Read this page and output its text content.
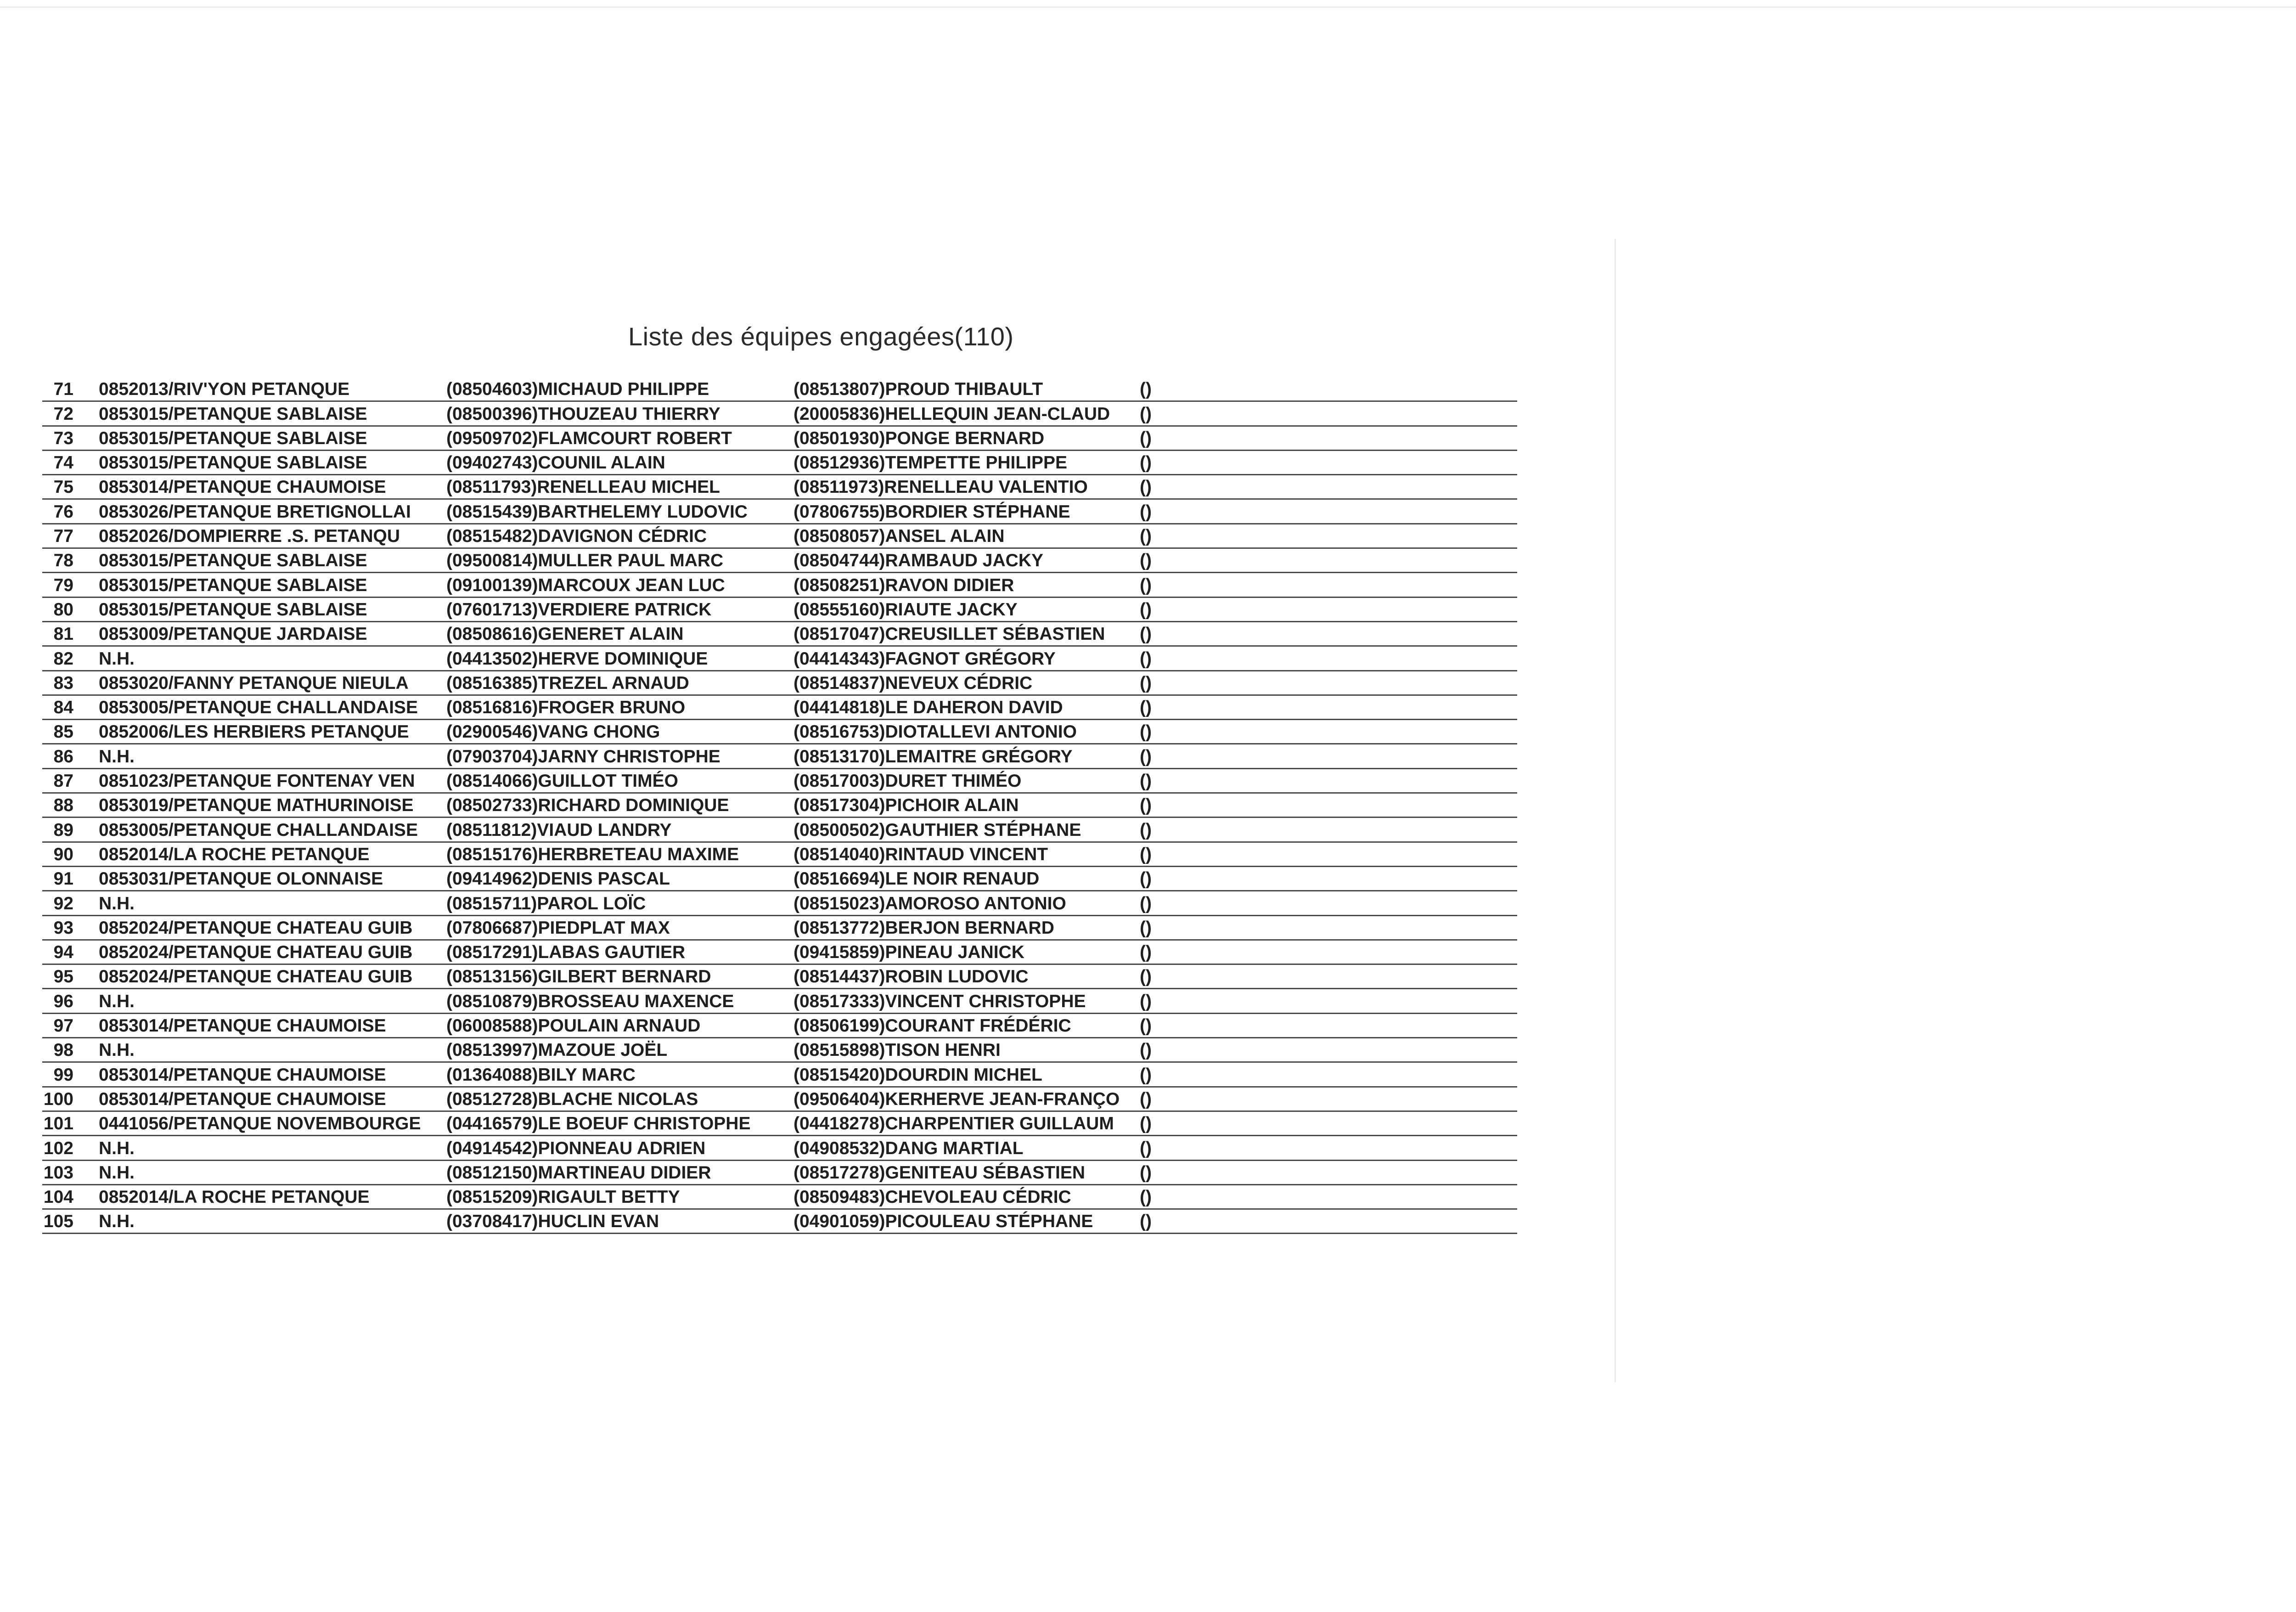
Liste des équipes engagées(110)
71 0852013/RIV'YON PETANQUE	(08504603)MICHAUD PHILIPPE	(08513807)PROUD THIBAULT	()
72 0853015/PETANQUE SABLAISE	(08500396)THOUZEAU THIERRY	(20005836)HELLEQUIN JEAN-CLAUD ()
73 0853015/PETANQUE SABLAISE	(09509702)FLAMCOURT ROBERT	(08501930)PONGE BERNARD	()
74 0853015/PETANQUE SABLAISE	(09402743)COUNIL ALAIN	(08512936)TEMPETTE PHILIPPE	()
75 0853014/PETANQUE CHAUMOISE	(08511793)RENELLEAU MICHEL	(08511973)RENELLEAU VALENTIO	()
76 0853026/PETANQUE BRETIGNOLLAI (08515439)BARTHELEMY LUDOVIC	(07806755)BORDIER STÉPHANE	()
77 0852026/DOMPIERRE .S. PETANQU	(08515482)DAVIGNON CÉDRIC	(08508057)ANSEL ALAIN	()
78 0853015/PETANQUE SABLAISE	(09500814)MULLER PAUL MARC	(08504744)RAMBAUD JACKY	()
79 0853015/PETANQUE SABLAISE	(09100139)MARCOUX JEAN LUC	(08508251)RAVON DIDIER	()
80 0853015/PETANQUE SABLAISE	(07601713)VERDIERE PATRICK	(08555160)RIAUTE JACKY	()
81 0853009/PETANQUE JARDAISE	(08508616)GENERET ALAIN	(08517047)CREUSILLET SÉBASTIEN ()
82 N.H.	(04413502)HERVE DOMINIQUE	(04414343)FAGNOT GRÉGORY	()
83 0853020/FANNY PETANQUE NIEULA (08516385)TREZEL ARNAUD	(08514837)NEVEUX CÉDRIC	()
84 0853005/PETANQUE CHALLANDAISE (08516816)FROGER BRUNO	(04414818)LE DAHERON DAVID	()
85 0852006/LES HERBIERS PETANQUE (02900546)VANG CHONG	(08516753)DIOTALLEVI ANTONIO	()
86 N.H.	(07903704)JARNY CHRISTOPHE	(08513170)LEMAITRE GRÉGORY	()
87 0851023/PETANQUE FONTENAY VEN (08514066)GUILLOT TIMÉO	(08517003)DURET THIMÉO	()
88 0853019/PETANQUE MATHURINOISE (08502733)RICHARD DOMINIQUE	(08517304)PICHOIR ALAIN	()
89 0853005/PETANQUE CHALLANDAISE (08511812)VIAUD LANDRY	(08500502)GAUTHIER STÉPHANE	()
90 0852014/LA ROCHE PETANQUE	(08515176)HERBRETEAU MAXIME	(08514040)RINTAUD VINCENT	()
91 0853031/PETANQUE OLONNAISE	(09414962)DENIS PASCAL	(08516694)LE NOIR RENAUD	()
92 N.H.	(08515711)PAROL LOÏC	(08515023)AMOROSO ANTONIO	()
93 0852024/PETANQUE CHATEAU GUIB (07806687)PIEDPLAT MAX	(08513772)BERJON BERNARD	()
94 0852024/PETANQUE CHATEAU GUIB (08517291)LABAS GAUTIER	(09415859)PINEAU JANICK	()
95 0852024/PETANQUE CHATEAU GUIB (08513156)GILBERT BERNARD	(08514437)ROBIN LUDOVIC	()
96 N.H.	(08510879)BROSSEAU MAXENCE	(08517333)VINCENT CHRISTOPHE	()
97 0853014/PETANQUE CHAUMOISE	(06008588)POULAIN ARNAUD	(08506199)COURANT FRÉDÉRIC	()
98 N.H.	(08513997)MAZOUE JOËL	(08515898)TISON HENRI	()
99 0853014/PETANQUE CHAUMOISE	(01364088)BILY MARC	(08515420)DOURDIN MICHEL	()
100 0853014/PETANQUE CHAUMOISE	(08512728)BLACHE NICOLAS	(09506404)KERHERVE JEAN-FRANÇO ()
101 0441056/PETANQUE NOVEMBOURGE (04416579)LE BOEUF CHRISTOPHE (04418278)CHARPENTIER GUILLAUM ()
102 N.H.	(04914542)PIONNEAU ADRIEN	(04908532)DANG MARTIAL	()
103 N.H.	(08512150)MARTINEAU DIDIER	(08517278)GENITEAU SÉBASTIEN	()
104 0852014/LA ROCHE PETANQUE	(08515209)RIGAULT BETTY	(08509483)CHEVOLEAU CÉDRIC	()
105 N.H.	(03708417)HUCLIN EVAN	(04901059)PICOULEAU STÉPHANE	()
